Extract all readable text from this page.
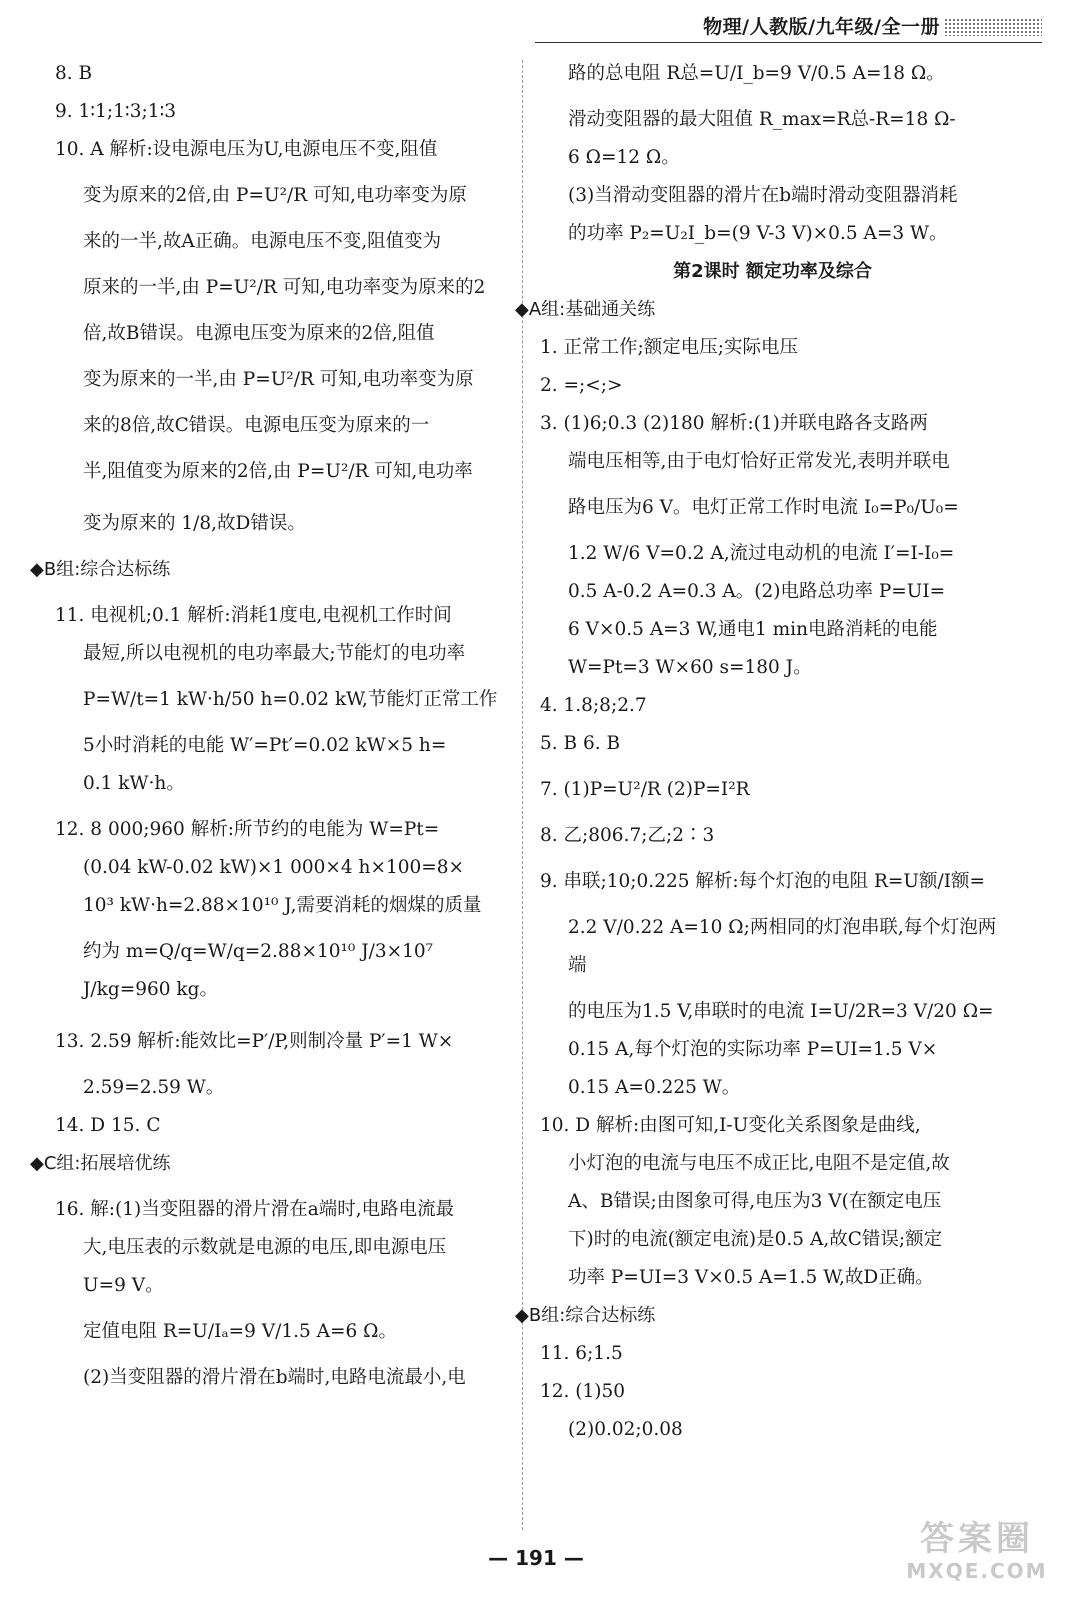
物理/人教版/九年级/全一册

8. B

9. 1∶1;1∶3;1∶3

10. A 解析:设电源电压为U,电源电压不变,阻值

变为原来的2倍,由 P=U²/R 可知,电功率变为原

来的一半,故A正确。电源电压不变,阻值变为

原来的一半,由 P=U²/R 可知,电功率变为原来的2

倍,故B错误。电源电压变为原来的2倍,阻值

变为原来的一半,由 P=U²/R 可知,电功率变为原

来的8倍,故C错误。电源电压变为原来的一

半,阻值变为原来的2倍,由 P=U²/R 可知,电功率

变为原来的 1/8,故D错误。

◆B组:综合达标练

11. 电视机;0.1 解析:消耗1度电,电视机工作时间

最短,所以电视机的电功率最大;节能灯的电功率

P=W/t=1 kW·h/50 h=0.02 kW,节能灯正常工作

5小时消耗的电能 W′=Pt′=0.02 kW×5 h=

0.1 kW·h。

12. 8 000;960 解析:所节约的电能为 W=Pt=

(0.04 kW-0.02 kW)×1 000×4 h×100=8×

10³ kW·h=2.88×10¹⁰ J,需要消耗的烟煤的质量

约为 m=Q/q=W/q=2.88×10¹⁰ J/3×10⁷ J/kg=960 kg。

13. 2.59 解析:能效比=P′/P,则制冷量 P′=1 W×

2.59=2.59 W。

14. D 15. C

◆C组:拓展培优练

16. 解:(1)当变阻器的滑片滑在a端时,电路电流最

大,电压表的示数就是电源的电压,即电源电压

U=9 V。

定值电阻 R=U/Iₐ=9 V/1.5 A=6 Ω。

(2)当变阻器的滑片滑在b端时,电路电流最小,电

路的总电阻 R总=U/I_b=9 V/0.5 A=18 Ω。

滑动变阻器的最大阻值 R_max=R总-R=18 Ω-

6 Ω=12 Ω。

(3)当滑动变阻器的滑片在b端时滑动变阻器消耗

的功率 P₂=U₂I_b=(9 V-3 V)×0.5 A=3 W。

第2课时 额定功率及综合

◆A组:基础通关练

1. 正常工作;额定电压;实际电压

2. =;<;>

3. (1)6;0.3 (2)180 解析:(1)并联电路各支路两

端电压相等,由于电灯恰好正常发光,表明并联电

路电压为6 V。电灯正常工作时电流 I₀=P₀/U₀=

1.2 W/6 V=0.2 A,流过电动机的电流 I′=I-I₀=

0.5 A-0.2 A=0.3 A。(2)电路总功率 P=UI=

6 V×0.5 A=3 W,通电1 min电路消耗的电能

W=Pt=3 W×60 s=180 J。

4. 1.8;8;2.7

5. B 6. B

7. (1)P=U²/R (2)P=I²R

8. 乙;806.7;乙;2∶3

9. 串联;10;0.225 解析:每个灯泡的电阻 R=U额/I额=

2.2 V/0.22 A=10 Ω;两相同的灯泡串联,每个灯泡两端

的电压为1.5 V,串联时的电流 I=U/2R=3 V/20 Ω=

0.15 A,每个灯泡的实际功率 P=UI=1.5 V×

0.15 A=0.225 W。

10. D 解析:由图可知,I-U变化关系图象是曲线,

小灯泡的电流与电压不成正比,电阻不是定值,故

A、B错误;由图象可得,电压为3 V(在额定电压

下)时的电流(额定电流)是0.5 A,故C错误;额定

功率 P=UI=3 V×0.5 A=1.5 W,故D正确。

◆B组:综合达标练

11. 6;1.5

12. (1)50

(2)0.02;0.08

— 191 —	答案圈
MXQE.COM
